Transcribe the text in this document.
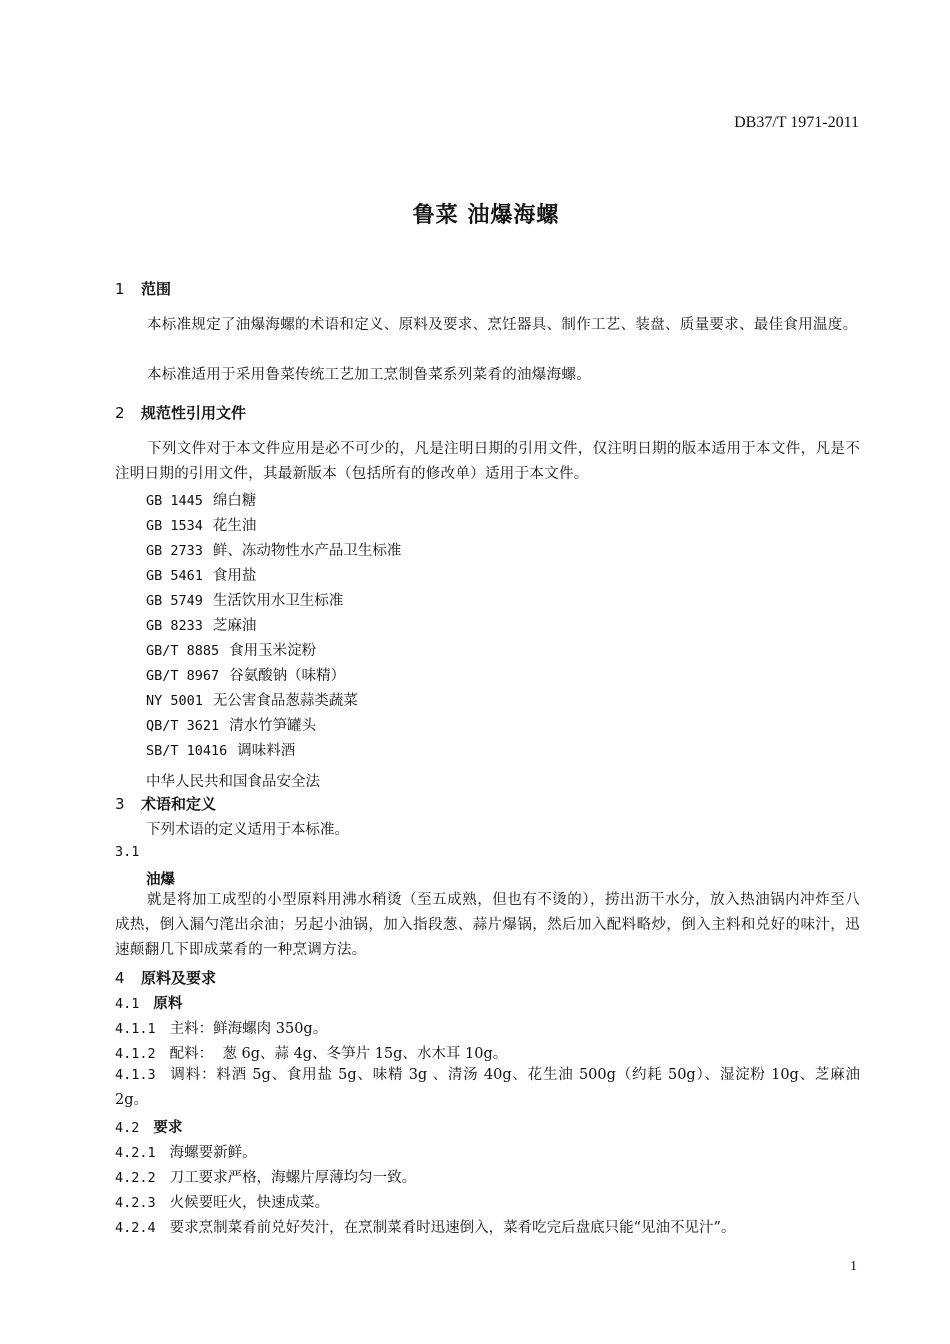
DB37/T 1971-2011
鲁菜 油爆海螺
1 范围
本标准规定了油爆海螺的术语和定义、原料及要求、烹饪器具、制作工艺、装盘、质量要求、最佳食用温度。
本标准适用于采用鲁菜传统工艺加工烹制鲁菜系列菜肴的油爆海螺。
2 规范性引用文件
下列文件对于本文件应用是必不可少的，凡是注明日期的引用文件，仅注明日期的版本适用于本文件，凡是不注明日期的引用文件，其最新版本（包括所有的修改单）适用于本文件。
GB 1445 绵白糖
GB 1534 花生油
GB 2733 鲜、冻动物性水产品卫生标准
GB 5461 食用盐
GB 5749 生活饮用水卫生标准
GB 8233 芝麻油
GB/T 8885 食用玉米淀粉
GB/T 8967 谷氨酸钠（味精）
NY 5001 无公害食品葱蒜类蔬菜
QB/T 3621 清水竹笋罐头
SB/T 10416 调味料酒
中华人民共和国食品安全法
3 术语和定义
下列术语的定义适用于本标准。
3.1
油爆
就是将加工成型的小型原料用沸水稍烫（至五成熟，但也有不烫的），捞出沥干水分，放入热油锅内冲炸至八成热，倒入漏勺滗出余油；另起小油锅，加入指段葱、蒜片爆锅，然后加入配料略炒，倒入主料和兑好的味汁，迅速颠翻几下即成菜肴的一种烹调方法。
4 原料及要求
4.1 原料
4.1.1 主料：鲜海螺肉 350g。
4.1.2 配料：  葱 6g、蒜 4g、冬笋片 15g、水木耳 10g。
4.1.3 调料：料酒 5g、食用盐 5g、味精 3g 、清汤 40g、花生油 500g（约耗 50g）、湿淀粉 10g、芝麻油 2g。
4.2 要求
4.2.1 海螺要新鲜。
4.2.2 刀工要求严格，海螺片厚薄均匀一致。
4.2.3 火候要旺火，快速成菜。
4.2.4 要求烹制菜肴前兑好芡汁，在烹制菜肴时迅速倒入，菜肴吃完后盘底只能“见油不见汁”。
1
